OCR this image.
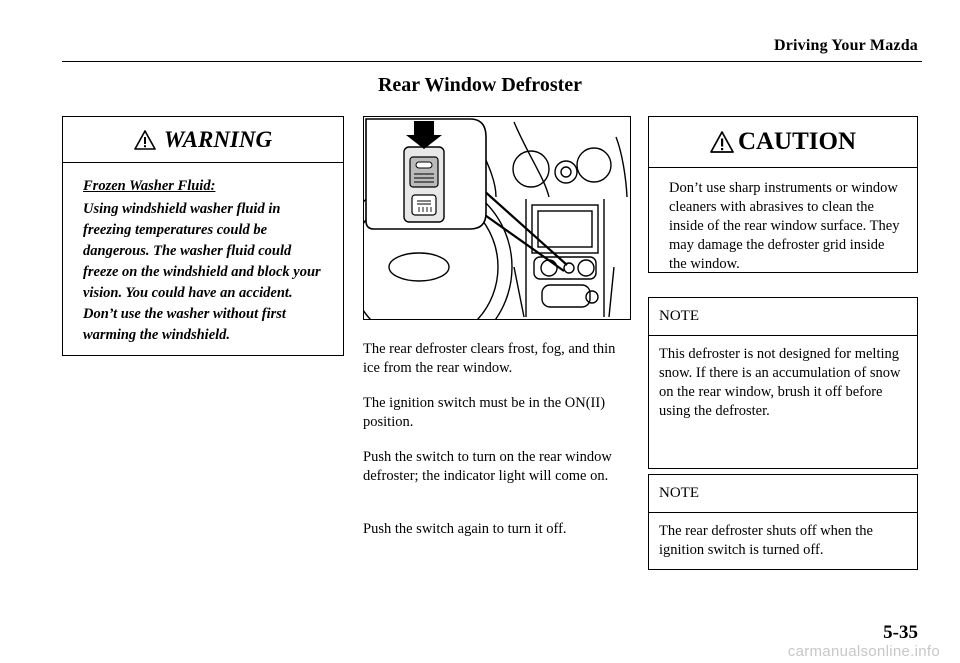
Driving Your Mazda
Rear Window Defroster
WARNING
Frozen Washer Fluid:
Using windshield washer fluid in freezing temperatures could be dangerous. The washer fluid could freeze on the windshield and block your vision. You could have an accident. Don’t use the washer without first warming the windshield.
The rear defroster clears frost, fog, and thin ice from the rear window.
The ignition switch must be in the ON(II) position.
Push the switch to turn on the rear window defroster; the indicator light will come on.
Push the switch again to turn it off.
CAUTION
Don’t use sharp instruments or window cleaners with abrasives to clean the inside of the rear window surface. They may damage the defroster grid inside the window.
NOTE
This defroster is not designed for melting snow. If there is an accumulation of snow on the rear window, brush it off before using the defroster.
NOTE
The rear defroster shuts off when the ignition switch is turned off.
5-35
carmanualsonline.info
